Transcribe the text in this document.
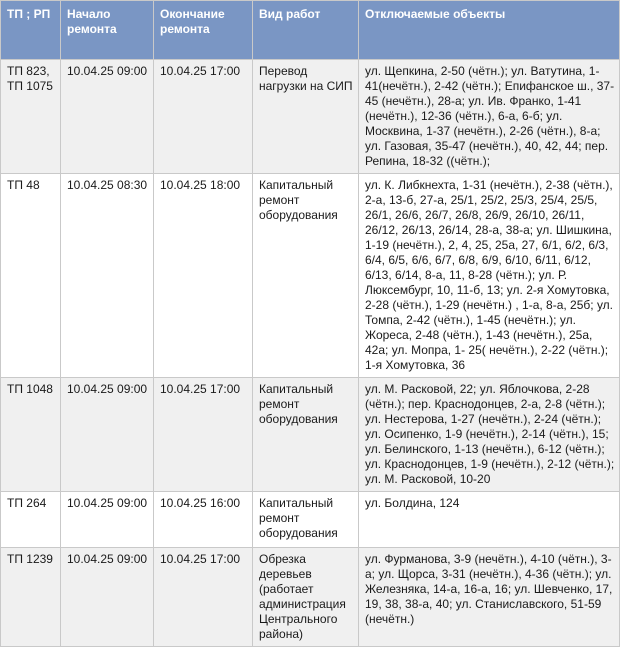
ТП ; РП	Начало ремонта	Окончание ремонта	Вид работ	Отключаемые объекты
ТП 823, ТП 1075	10.04.25 09:00	10.04.25 17:00	Перевод нагрузки на СИП	ул. Щепкина, 2-50 (чётн.); ул. Ватутина, 1-41(нечётн.), 2-42 (чётн.); Епифанское ш., 37-45 (нечётн.), 28-а; ул. Ив. Франко, 1-41 (нечётн.), 12-36 (чётн.), 6-а, 6-б; ул. Москвина, 1-37 (нечётн.), 2-26 (чётн.), 8-а; ул. Газовая, 35-47 (нечётн.), 40, 42, 44; пер. Репина, 18-32 ((чётн.);
ТП 48	10.04.25 08:30	10.04.25 18:00	Капитальный ремонт оборудования	ул. К. Либкнехта, 1-31 (нечётн.), 2-38 (чётн.), 2-а, 13-б, 27-а, 25/1, 25/2, 25/3, 25/4, 25/5, 26/1, 26/6, 26/7, 26/8, 26/9, 26/10, 26/11, 26/12, 26/13, 26/14, 28-а, 38-а; ул. Шишкина, 1-19 (нечётн.), 2, 4, 25, 25а, 27, 6/1, 6/2, 6/3, 6/4, 6/5, 6/6, 6/7, 6/8, 6/9, 6/10, 6/11, 6/12, 6/13, 6/14, 8-а, 11, 8-28 (чётн.); ул. Р. Люксембург, 10, 11-б, 13; ул. 2-я Хомутовка, 2-28 (чётн.), 1-29 (нечётн.) , 1-а, 8-а, 25б; ул. Томпа, 2-42 (чётн.), 1-45 (нечётн.); ул. Жореса, 2-48 (чётн.), 1-43 (нечётн.), 25а, 42а; ул. Мопра, 1- 25( нечётн.), 2-22 (чётн.); 1-я Хомутовка, 36
ТП 1048	10.04.25 09:00	10.04.25 17:00	Капитальный ремонт оборудования	ул. М. Расковой, 22; ул. Яблочкова, 2-28 (чётн.); пер. Краснодонцев, 2-а, 2-8 (чётн.); ул. Нестерова, 1-27 (нечётн.), 2-24 (чётн.); ул. Осипенко, 1-9 (нечётн.), 2-14 (чётн.), 15; ул. Белинского, 1-13 (нечётн.), 6-12 (чётн.); ул. Краснодонцев, 1-9 (нечётн.), 2-12 (чётн.); ул. М. Расковой, 10-20
ТП 264	10.04.25 09:00	10.04.25 16:00	Капитальный ремонт оборудования	ул. Болдина, 124
ТП 1239	10.04.25 09:00	10.04.25 17:00	Обрезка деревьев (работает администрация Центрального района)	ул. Фурманова, 3-9 (нечётн.), 4-10 (чётн.), 3-а; ул. Щорса, 3-31 (нечётн.), 4-36 (чётн.); ул. Железняка, 14-а, 16-а, 16; ул. Шевченко, 17, 19, 38, 38-а, 40; ул. Станиславского, 51-59 (нечётн.)
